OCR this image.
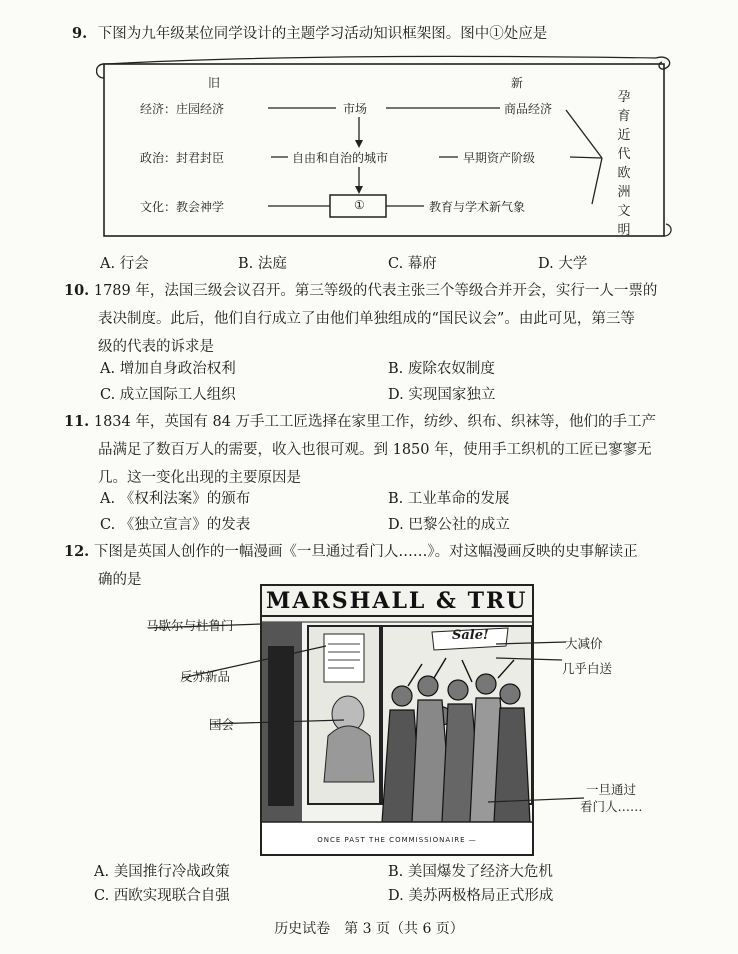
9. 下图为九年级某位同学设计的主题学习活动知识框架图。图中①处应是
旧	新
经济：庄园经济	市场	商品经济
政治：封君封臣	自由和自治的城市	早期资产阶级
文化：教会神学	①	教育与学术新气象
孕
育
近
代
欧
洲
文
明
A. 行会	B. 法庭	C. 幕府	D. 大学
10. 1789 年，法国三级会议召开。第三等级的代表主张三个等级合并开会，实行一人一票的
表决制度。此后，他们自行成立了由他们单独组成的“国民议会”。由此可见，第三等
级的代表的诉求是
A. 增加自身政治权利	B. 废除农奴制度
C. 成立国际工人组织	D. 实现国家独立
11. 1834 年，英国有 84 万手工工匠选择在家里工作，纺纱、织布、织袜等，他们的手工产
品满足了数百万人的需要，收入也很可观。到 1850 年，使用手工织机的工匠已寥寥无
几。这一变化出现的主要原因是
A. 《权利法案》的颁布	B. 工业革命的发展
C. 《独立宣言》的发表	D. 巴黎公社的成立
12. 下图是英国人创作的一幅漫画《一旦通过看门人……》。对这幅漫画反映的史事解读正
确的是
MARSHALL & TRU
Sale!
ONCE PAST THE COMMISSIONAIRE —
马歇尔与杜鲁门
反苏新品
国会
大减价
几乎白送
一旦通过
看门人……
A. 美国推行冷战政策	B. 美国爆发了经济大危机
C. 西欧实现联合自强	D. 美苏两极格局正式形成
历史试卷　第 3 页（共 6 页）
